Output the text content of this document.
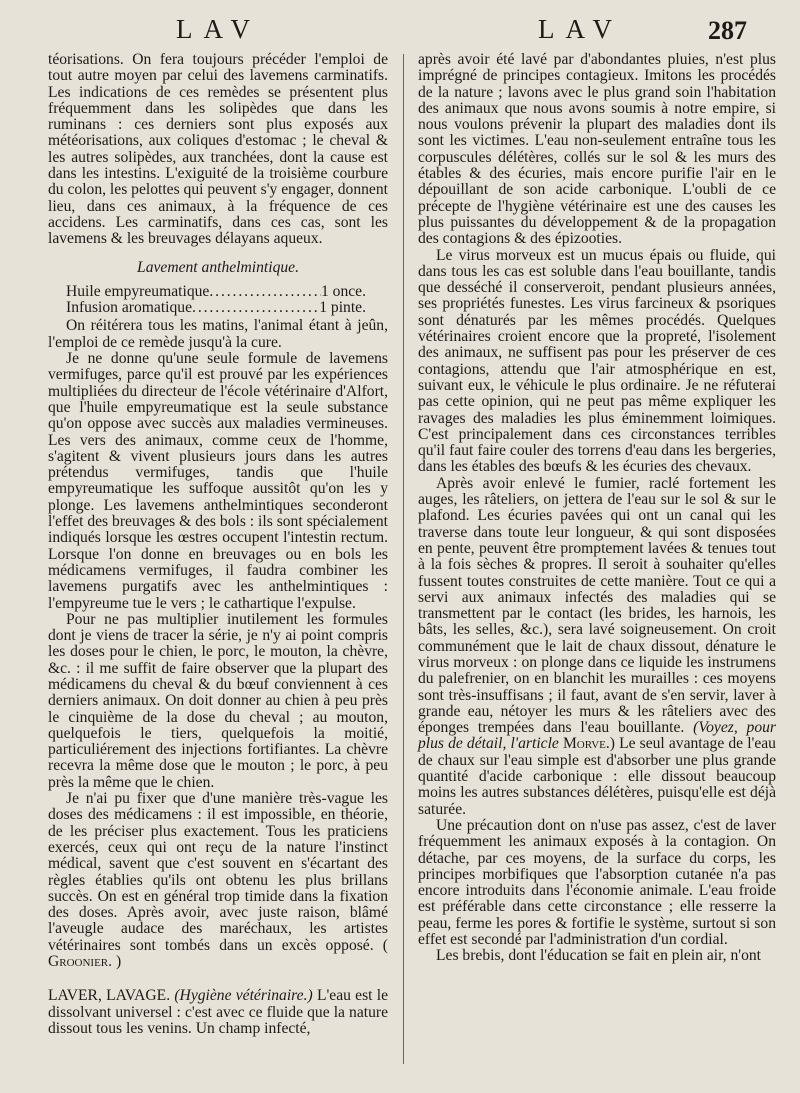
LAV	LAV	287

téorisations. On fera toujours précéder l'emploi de tout autre moyen par celui des lavemens carminatifs. Les indications de ces remèdes se présentent plus fréquemment dans les solipèdes que dans les ruminans : ces derniers sont plus exposés aux météorisations, aux coliques d'estomac ; le cheval & les autres solipèdes, aux tranchées, dont la cause est dans les intestins. L'exiguité de la troisième courbure du colon, les pelottes qui peuvent s'y engager, donnent lieu, dans ces animaux, à la fréquence de ces accidens. Les carminatifs, dans ces cas, sont les lavemens & les breuvages délayans aqueux.

Lavement anthelmintique.
Huile empyreumatique . . .	1 once.
Infusion aromatique . . .	1 pinte.

On réitérera tous les matins, l'animal étant à jeûn, l'emploi de ce remède jusqu'à la cure.

Je ne donne qu'une seule formule de lavemens vermifuges, parce qu'il est prouvé par les expériences multipliées du directeur de l'école vétérinaire d'Alfort, que l'huile empyreumatique est la seule substance qu'on oppose avec succès aux maladies vermineuses. Les vers des animaux, comme ceux de l'homme, s'agitent & vivent plusieurs jours dans les autres prétendus vermifuges, tandis que l'huile empyreumatique les suffoque aussitôt qu'on les y plonge. Les lavemens anthelmintiques seconderont l'effet des breuvages & des bols : ils sont spécialement indiqués lorsque les œstres occupent l'intestin rectum. Lorsque l'on donne en breuvages ou en bols les médicamens vermifuges, il faudra combiner les lavemens purgatifs avec les anthelmintiques : l'empyreume tue le vers ; le cathartique l'expulse.

Pour ne pas multiplier inutilement les formules dont je viens de tracer la série, je n'y ai point compris les doses pour le chien, le porc, le mouton, la chèvre, &c. : il me suffit de faire observer que la plupart des médicamens du cheval & du bœuf conviennent à ces derniers animaux. On doit donner au chien à peu près le cinquième de la dose du cheval ; au mouton, quelquefois le tiers, quelquefois la moitié, particuliérement des injections fortifiantes. La chèvre recevra la même dose que le mouton ; le porc, à peu près la même que le chien.

Je n'ai pu fixer que d'une manière très-vague les doses des médicamens : il est impossible, en théorie, de les préciser plus exactement. Tous les praticiens exercés, ceux qui ont reçu de la nature l'instinct médical, savent que c'est souvent en s'écartant des règles établies qu'ils ont obtenu les plus brillans succès. On est en général trop timide dans la fixation des doses. Après avoir, avec juste raison, blâmé l'aveugle audace des maréchaux, les artistes vétérinaires sont tombés dans un excès opposé. ( Groonier. )

LAVER, LAVAGE. (Hygiène vétérinaire.) L'eau est le dissolvant universel : c'est avec ce fluide que la nature dissout tous les venins. Un champ infecté,

après avoir été lavé par d'abondantes pluies, n'est plus imprégné de principes contagieux. Imitons les procédés de la nature ; lavons avec le plus grand soin l'habitation des animaux que nous avons soumis à notre empire, si nous voulons prévenir la plupart des maladies dont ils sont les victimes. L'eau non-seulement entraîne tous les corpuscules délétères, collés sur le sol & les murs des étables & des écuries, mais encore purifie l'air en le dépouillant de son acide carbonique. L'oubli de ce précepte de l'hygiène vétérinaire est une des causes les plus puissantes du développement & de la propagation des contagions & des épizooties.

Le virus morveux est un mucus épais ou fluide, qui dans tous les cas est soluble dans l'eau bouillante, tandis que desséché il conserveroit, pendant plusieurs années, ses propriétés funestes. Les virus farcineux & psoriques sont dénaturés par les mêmes procédés. Quelques vétérinaires croient encore que la propreté, l'isolement des animaux, ne suffisent pas pour les préserver de ces contagions, attendu que l'air atmosphérique en est, suivant eux, le véhicule le plus ordinaire. Je ne réfuterai pas cette opinion, qui ne peut pas même expliquer les ravages des maladies les plus éminemment loimiques. C'est principalement dans ces circonstances terribles qu'il faut faire couler des torrens d'eau dans les bergeries, dans les étables des bœufs & les écuries des chevaux.

Après avoir enlevé le fumier, raclé fortement les auges, les râteliers, on jettera de l'eau sur le sol & sur le plafond. Les écuries pavées qui ont un canal qui les traverse dans toute leur longueur, & qui sont disposées en pente, peuvent être promptement lavées & tenues tout à la fois sèches & propres. Il seroit à souhaiter qu'elles fussent toutes construites de cette manière. Tout ce qui a servi aux animaux infectés des maladies qui se transmettent par le contact (les brides, les harnois, les bâts, les selles, &c.), sera lavé soigneusement. On croit communément que le lait de chaux dissout, dénature le virus morveux : on plonge dans ce liquide les instrumens du palefrenier, on en blanchit les murailles : ces moyens sont très-insuffisans ; il faut, avant de s'en servir, laver à grande eau, nétoyer les murs & les râteliers avec des éponges trempées dans l'eau bouillante. (Voyez, pour plus de détail, l'article Morve.) Le seul avantage de l'eau de chaux sur l'eau simple est d'absorber une plus grande quantité d'acide carbonique : elle dissout beaucoup moins les autres substances délétères, puisqu'elle est déjà saturée.

Une précaution dont on n'use pas assez, c'est de laver fréquemment les animaux exposés à la contagion. On détache, par ces moyens, de la surface du corps, les principes morbifiques que l'absorption cutanée n'a pas encore introduits dans l'économie animale. L'eau froide est préférable dans cette circonstance ; elle resserre la peau, ferme les pores & fortifie le système, surtout si son effet est secondé par l'administration d'un cordial.

Les brebis, dont l'éducation se fait en plein air, n'ont
